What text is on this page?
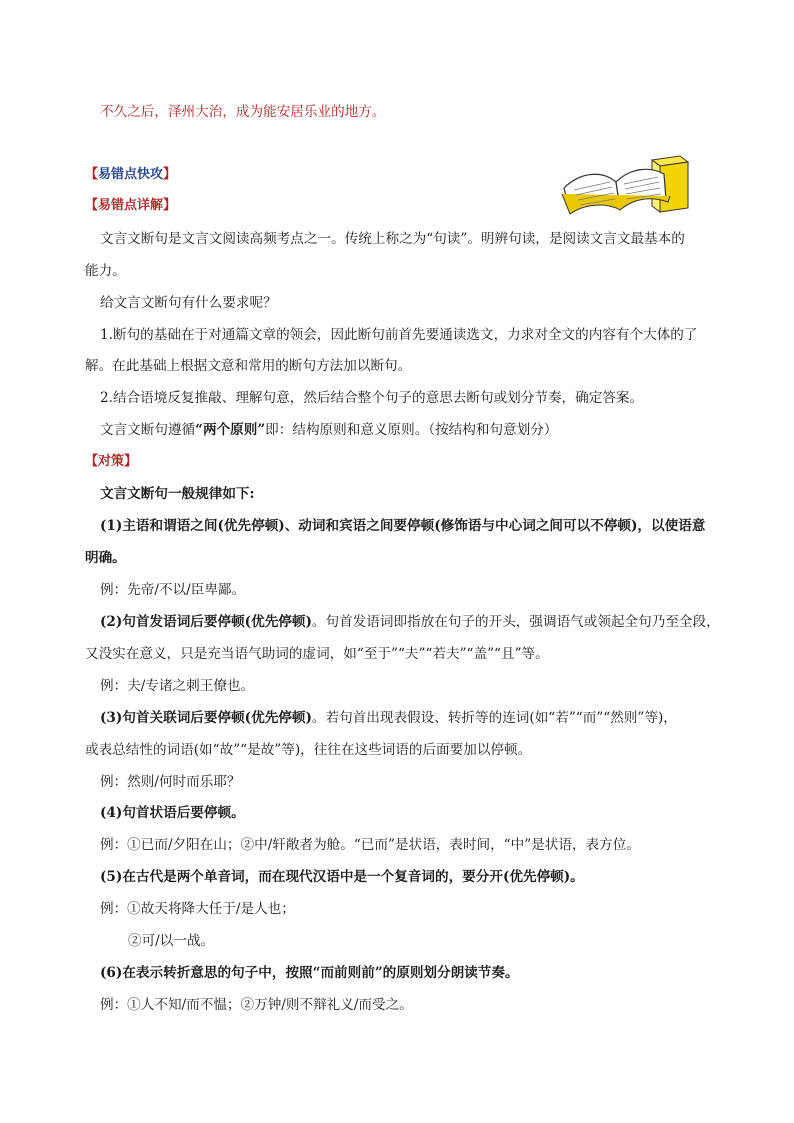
不久之后，泽州大治，成为能安居乐业的地方。
【易错点快攻】
【易错点详解】
文言文断句是文言文阅读高频考点之一。传统上称之为“句读”。明辨句读，是阅读文言文最基本的
能力。
给文言文断句有什么要求呢？
1.断句的基础在于对通篇文章的领会，因此断句前首先要通读选文，力求对全文的内容有个大体的了
解。在此基础上根据文意和常用的断句方法加以断句。
2.结合语境反复推敲、理解句意，然后结合整个句子的意思去断句或划分节奏，确定答案。
文言文断句遵循“两个原则”即：结构原则和意义原则。（按结构和句意划分）
【对策】
文言文断句一般规律如下:
(1)主语和谓语之间(优先停顿)、动词和宾语之间要停顿(修饰语与中心词之间可以不停顿)，以使语意
明确。
例：先帝/不以/臣卑鄙。
(2)句首发语词后要停顿(优先停顿)。句首发语词即指放在句子的开头，强调语气或领起全句乃至全段，
又没实在意义，只是充当语气助词的虚词，如“至于”“夫”“若夫”“盖”“且”等。
例：夫/专诸之刺王僚也。
(3)句首关联词后要停顿(优先停顿)。若句首出现表假设、转折等的连词(如“若”“而”“然则”等)，
或表总结性的词语(如“故”“是故”等)，往往在这些词语的后面要加以停顿。
例：然则/何时而乐耶？
(4)句首状语后要停顿。
例：①已而/夕阳在山；②中/轩敞者为舱。“已而”是状语，表时间，“中”是状语，表方位。
(5)在古代是两个单音词，而在现代汉语中是一个复音词的，要分开(优先停顿)。
例：①故天将降大任于/是人也；
②可/以一战。
(6)在表示转折意思的句子中，按照“而前则前”的原则划分朗读节奏。
例：①人不知/而不愠；②万钟/则不辩礼义/而受之。
